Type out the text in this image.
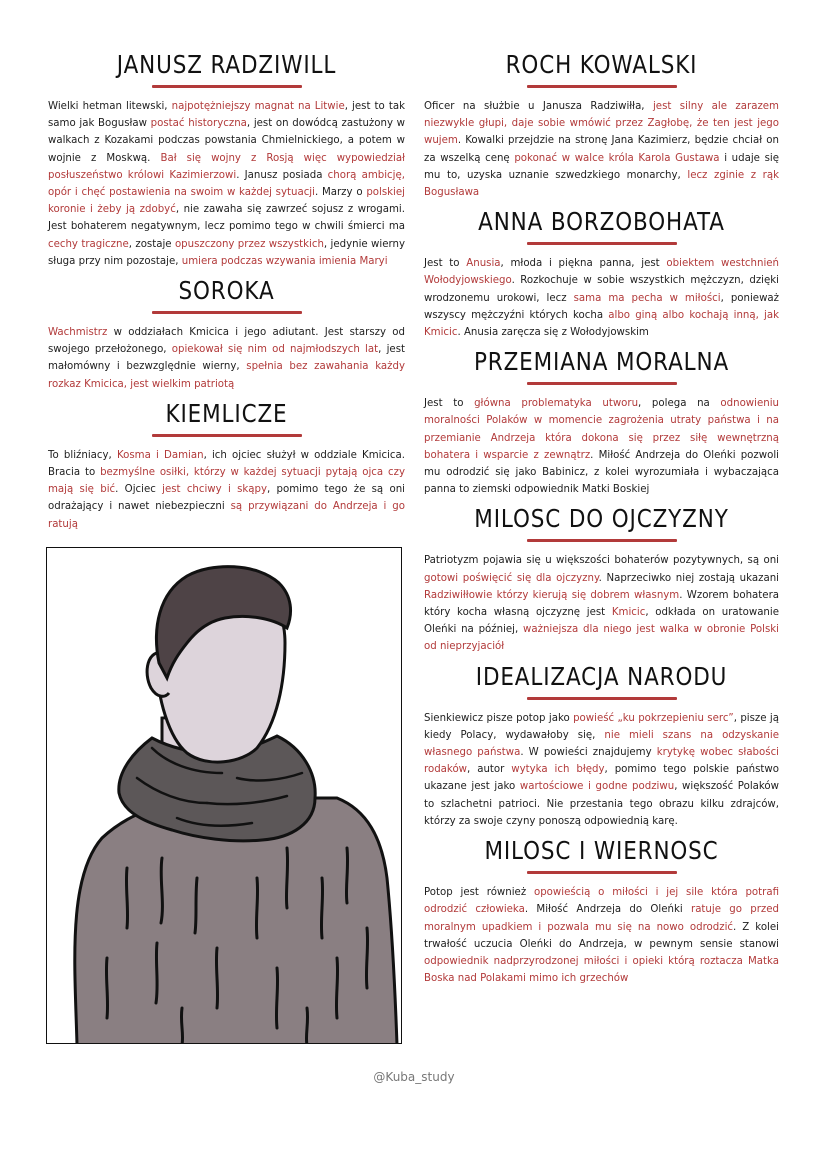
JANUSZ RADZIWILL

Wielki hetman litewski, najpotężniejszy magnat na Litwie, jest to tak samo jak Bogusław postać historyczna, jest on dowódcą zastużony w walkach z Kozakami podczas powstania Chmielnickiego, a potem w wojnie z Moskwą. Bał się wojny z Rosją więc wypowiedział posłuszeństwo królowi Kazimierzowi. Janusz posiada chorą ambicję, opór i chęć postawienia na swoim w każdej sytuacji. Marzy o polskiej koronie i żeby ją zdobyć, nie zawaha się zawrzeć sojusz z wrogami. Jest bohaterem negatywnym, lecz pomimo tego w chwili śmierci ma cechy tragiczne, zostaje opuszczony przez wszystkich, jedynie wierny sługa przy nim pozostaje, umiera podczas wzywania imienia Maryi

SOROKA

Wachmistrz w oddziałach Kmicica i jego adiutant. Jest starszy od swojego przełożonego, opiekował się nim od najmłodszych lat, jest małomówny i bezwzględnie wierny, spełnia bez zawahania każdy rozkaz Kmicica, jest wielkim patriotą

KIEMLICZE

To bliźniacy, Kosma i Damian, ich ojciec służył w oddziale Kmicica. Bracia to bezmyślne osiłki, którzy w każdej sytuacji pytają ojca czy mają się bić. Ojciec jest chciwy i skąpy, pomimo tego że są oni odrażający i nawet niebezpieczni są przywiązani do Andrzeja i go ratują

ROCH KOWALSKI

Oficer na służbie u Janusza Radziwiłła, jest silny ale zarazem niezwykle głupi, daje sobie wmówić przez Zagłobę, że ten jest jego wujem. Kowalki przejdzie na stronę Jana Kazimierz, będzie chciał on za wszelką cenę pokonać w walce króla Karola Gustawa i udaje się mu to, uzyska uznanie szwedzkiego monarchy, lecz zginie z rąk Bogusława

ANNA BORZOBOHATA

Jest to Anusia, młoda i piękna panna, jest obiektem westchnień Wołodyjowskiego. Rozkochuje w sobie wszystkich mężczyzn, dzięki wrodzonemu urokowi, lecz sama ma pecha w miłości, ponieważ wszyscy mężczyźni których kocha albo giną albo kochają inną, jak Kmicic. Anusia zaręcza się z Wołodyjowskim

PRZEMIANA MORALNA

Jest to główna problematyka utworu, polega na odnowieniu moralności Polaków w momencie zagrożenia utraty państwa i na przemianie Andrzeja która dokona się przez siłę wewnętrzną bohatera i wsparcie z zewnątrz. Miłość Andrzeja do Oleńki pozwoli mu odrodzić się jako Babinicz, z kolei wyrozumiała i wybaczająca panna to ziemski odpowiednik Matki Boskiej

MILOSC DO OJCZYZNY

Patriotyzm pojawia się u większości bohaterów pozytywnych, są oni gotowi poświęcić się dla ojczyzny. Naprzeciwko niej zostają ukazani Radziwiłłowie którzy kierują się dobrem własnym. Wzorem bohatera który kocha własną ojczyznę jest Kmicic, odkłada on uratowanie Oleńki na później, ważniejsza dla niego jest walka w obronie Polski od nieprzyjaciół

IDEALIZACJA NARODU

Sienkiewicz pisze potop jako powieść „ku pokrzepieniu serc”, pisze ją kiedy Polacy, wydawałoby się, nie mieli szans na odzyskanie własnego państwa. W powieści znajdujemy krytykę wobec słabości rodaków, autor wytyka ich błędy, pomimo tego polskie państwo ukazane jest jako wartościowe i godne podziwu, większość Polaków to szlachetni patrioci. Nie przestania tego obrazu kilku zdrajców, którzy za swoje czyny ponoszą odpowiednią karę.

MILOSC I WIERNOSC

Potop jest również opowieścią o miłości i jej sile która potrafi odrodzić człowieka. Miłość Andrzeja do Oleńki ratuje go przed moralnym upadkiem i pozwala mu się na nowo odrodzić. Z kolei trwałość uczucia Oleńki do Andrzeja, w pewnym sensie stanowi odpowiednik nadprzyrodzonej miłości i opieki którą roztacza Matka Boska nad Polakami mimo ich grzechów

@Kuba_study
